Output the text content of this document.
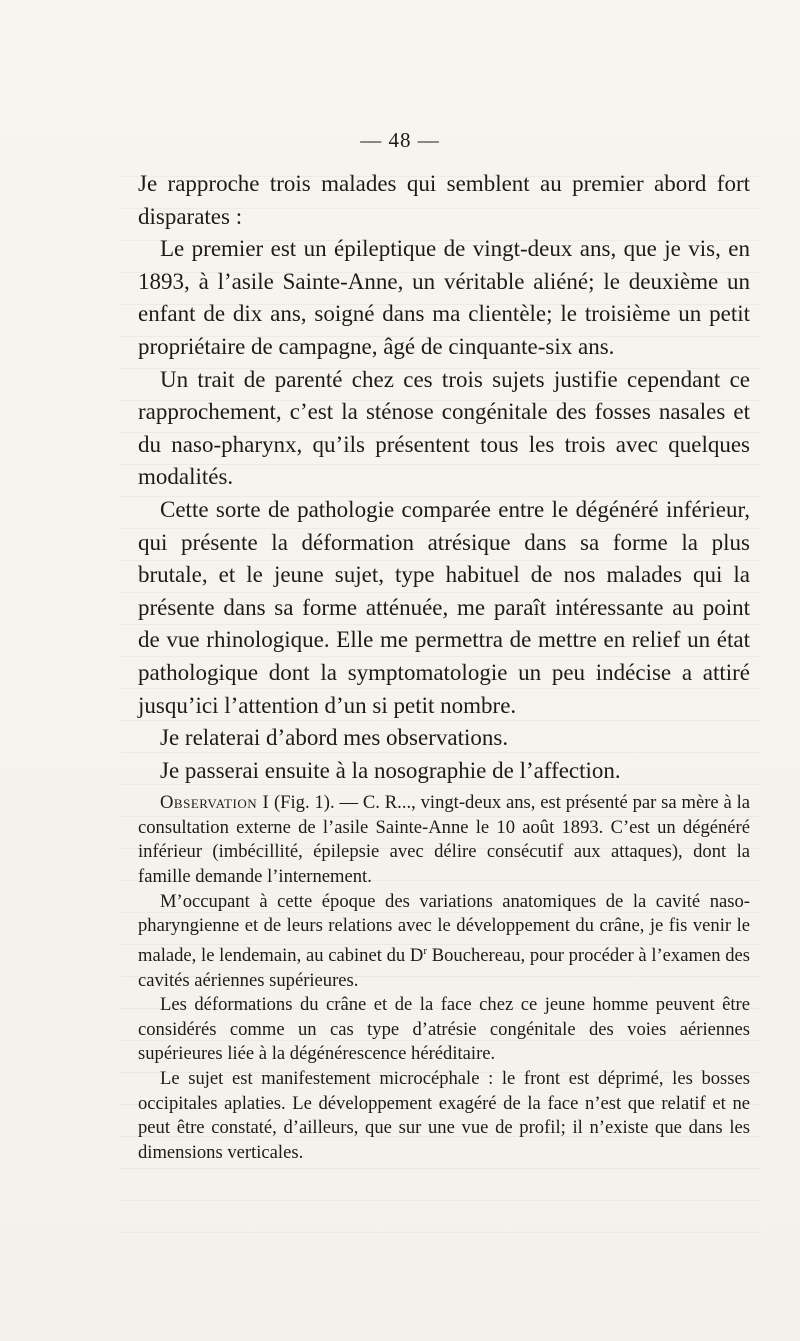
— 48 —

Je rapproche trois malades qui semblent au premier abord fort disparates :

Le premier est un épileptique de vingt-deux ans, que je vis, en 1893, à l’asile Sainte-Anne, un véritable aliéné; le deuxième un enfant de dix ans, soigné dans ma clientèle; le troisième un petit propriétaire de campagne, âgé de cinquante-six ans.

Un trait de parenté chez ces trois sujets justifie cependant ce rapprochement, c’est la sténose congénitale des fosses nasales et du naso-pharynx, qu’ils présentent tous les trois avec quelques modalités.

Cette sorte de pathologie comparée entre le dégénéré inférieur, qui présente la déformation atrésique dans sa forme la plus brutale, et le jeune sujet, type habituel de nos malades qui la présente dans sa forme atténuée, me paraît intéressante au point de vue rhinologique. Elle me permettra de mettre en relief un état pathologique dont la symptomatologie un peu indécise a attiré jusqu’ici l’attention d’un si petit nombre.

Je relaterai d’abord mes observations.

Je passerai ensuite à la nosographie de l’affection.

Observation I (Fig. 1). — C. R..., vingt-deux ans, est présenté par sa mère à la consultation externe de l’asile Sainte-Anne le 10 août 1893. C’est un dégénéré inférieur (imbécillité, épilepsie avec délire consécutif aux attaques), dont la famille demande l’internement.

M’occupant à cette époque des variations anatomiques de la cavité naso-pharyngienne et de leurs relations avec le développement du crâne, je fis venir le malade, le lendemain, au cabinet du $D^r$ Bouchereau, pour procéder à l’examen des cavités aériennes supérieures.

Les déformations du crâne et de la face chez ce jeune homme peuvent être considérés comme un cas type d’atrésie congénitale des voies aériennes supérieures liée à la dégénérescence héréditaire.

Le sujet est manifestement microcéphale : le front est déprimé, les bosses occipitales aplaties. Le développement exagéré de la face n’est que relatif et ne peut être constaté, d’ailleurs, que sur une vue de profil; il n’existe que dans les dimensions verticales.
